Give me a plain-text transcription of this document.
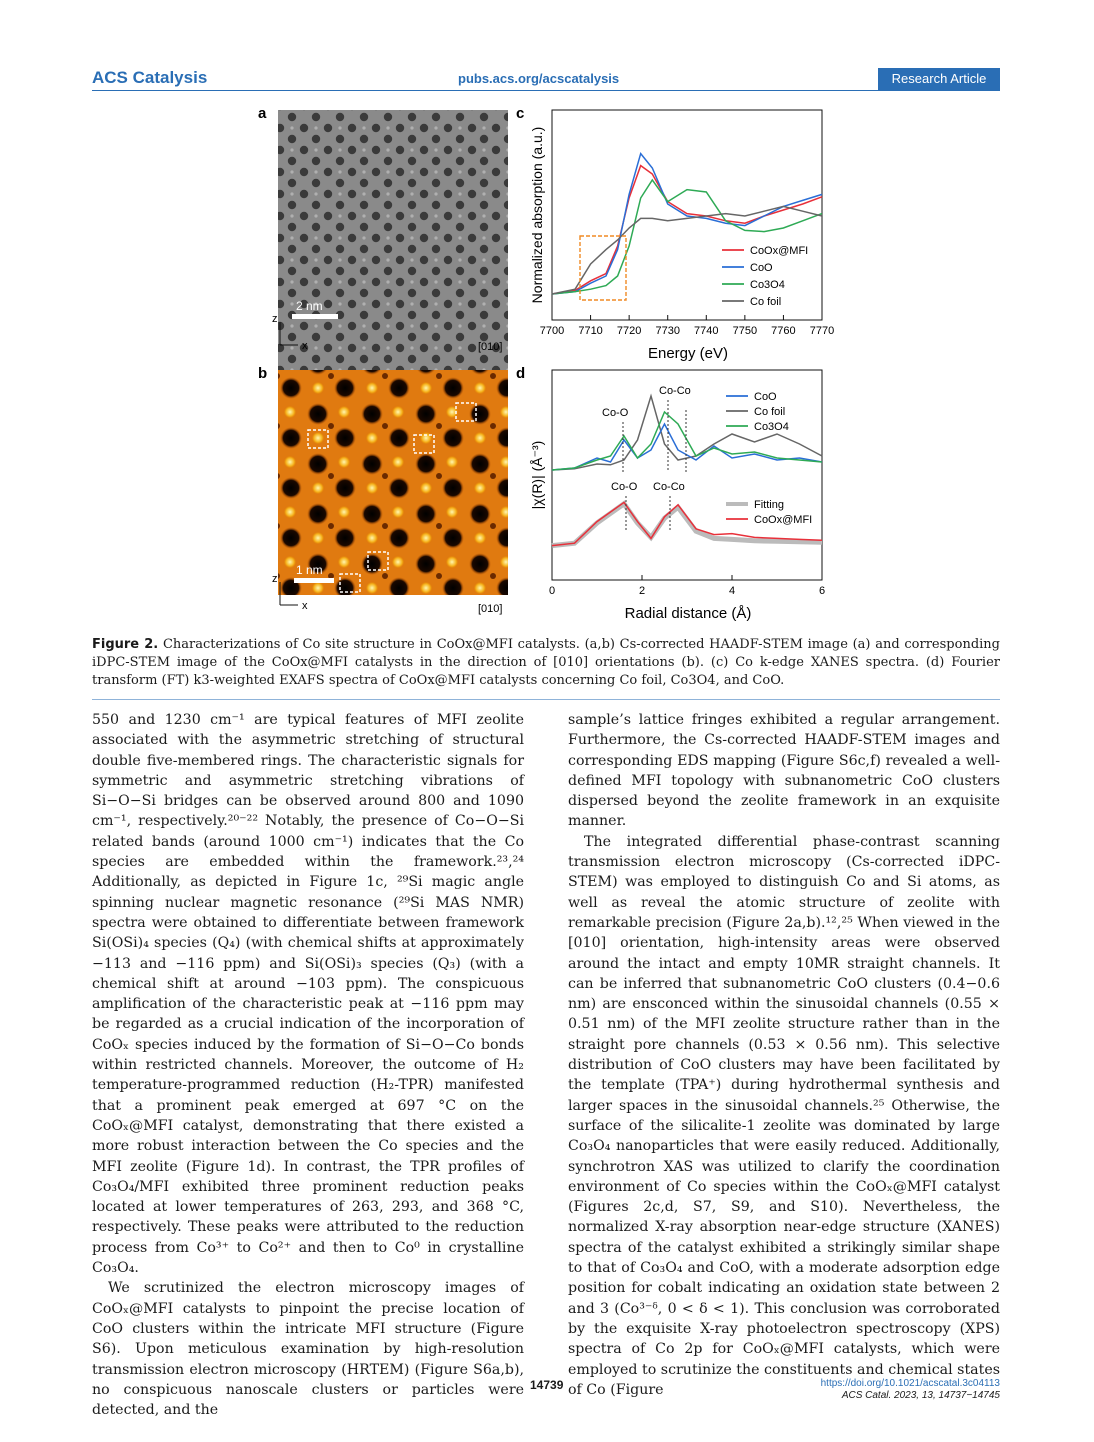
ACS Catalysis	pubs.acs.org/acscatalysis	Research Article
a	c
b	d
2 nm
z
x	[010]
1 nm
z
x	[010]
7700 7710 7720 7730 7740 7750 7760 7770
Energy (eV)
Normalized absorption (a.u.)	CoOx@MFI
CoO
Co3O4
Co foil
Co-O
Co-Co
Co-O Co-Co
0	2	4	6
Radial distance (Å)
|χ(R)| (Å⁻³)
CoO
Co foil
Co3O4
Fitting
CoOx@MFI
Figure 2. Characterizations of Co site structure in CoOx@MFI catalysts. (a,b) Cs-corrected HAADF-STEM image (a) and corresponding iDPC-STEM image of the CoOx@MFI catalysts in the direction of [010] orientations (b). (c) Co k-edge XANES spectra. (d) Fourier transform (FT) k3-weighted EXAFS spectra of CoOx@MFI catalysts concerning Co foil, Co3O4, and CoO.

550 and 1230 cm⁻¹ are typical features of MFI zeolite associated with the asymmetric stretching of structural double five-membered rings. The characteristic signals for symmetric and asymmetric stretching vibrations of Si−O−Si bridges can be observed around 800 and 1090 cm⁻¹, respectively.²⁰⁻²² Notably, the presence of Co−O−Si related bands (around 1000 cm⁻¹) indicates that the Co species are embedded within the framework.²³,²⁴ Additionally, as depicted in Figure 1c, ²⁹Si magic angle spinning nuclear magnetic resonance (²⁹Si MAS NMR) spectra were obtained to differentiate between framework Si(OSi)₄ species (Q₄) (with chemical shifts at approximately −113 and −116 ppm) and Si(OSi)₃ species (Q₃) (with a chemical shift at around −103 ppm). The conspicuous amplification of the characteristic peak at −116 ppm may be regarded as a crucial indication of the incorporation of CoOₓ species induced by the formation of Si−O−Co bonds within restricted channels. Moreover, the outcome of H₂ temperature-programmed reduction (H₂-TPR) manifested that a prominent peak emerged at 697 °C on the CoOₓ@MFI catalyst, demonstrating that there existed a more robust interaction between the Co species and the MFI zeolite (Figure 1d). In contrast, the TPR profiles of Co₃O₄/MFI exhibited three prominent reduction peaks located at lower temperatures of 263, 293, and 368 °C, respectively. These peaks were attributed to the reduction process from Co³⁺ to Co²⁺ and then to Co⁰ in crystalline Co₃O₄.

We scrutinized the electron microscopy images of CoOₓ@MFI catalysts to pinpoint the precise location of CoO clusters within the intricate MFI structure (Figure S6). Upon meticulous examination by high-resolution transmission electron microscopy (HRTEM) (Figure S6a,b), no conspicuous nanoscale clusters or particles were detected, and the

sample’s lattice fringes exhibited a regular arrangement. Furthermore, the Cs-corrected HAADF-STEM images and corresponding EDS mapping (Figure S6c,f) revealed a well-defined MFI topology with subnanometric CoO clusters dispersed beyond the zeolite framework in an exquisite manner.

The integrated differential phase-contrast scanning transmission electron microscopy (Cs-corrected iDPC-STEM) was employed to distinguish Co and Si atoms, as well as reveal the atomic structure of zeolite with remarkable precision (Figure 2a,b).¹²,²⁵ When viewed in the [010] orientation, high-intensity areas were observed around the intact and empty 10MR straight channels. It can be inferred that subnanometric CoO clusters (0.4−0.6 nm) are ensconced within the sinusoidal channels (0.55 × 0.51 nm) of the MFI zeolite structure rather than in the straight pore channels (0.53 × 0.56 nm). This selective distribution of CoO clusters may have been facilitated by the template (TPA⁺) during hydrothermal synthesis and larger spaces in the sinusoidal channels.²⁵ Otherwise, the surface of the silicalite-1 zeolite was dominated by large Co₃O₄ nanoparticles that were easily reduced. Additionally, synchrotron XAS was utilized to clarify the coordination environment of Co species within the CoOₓ@MFI catalyst (Figures 2c,d, S7, S9, and S10). Nevertheless, the normalized X-ray absorption near-edge structure (XANES) spectra of the catalyst exhibited a strikingly similar shape to that of Co₃O₄ and CoO, with a moderate adsorption edge position for cobalt indicating an oxidation state between 2 and 3 (Co³⁻ᵟ, 0 < δ < 1). This conclusion was corroborated by the exquisite X-ray photoelectron spectroscopy (XPS) spectra of Co 2p for CoOₓ@MFI catalysts, which were employed to scrutinize the constituents and chemical states of Co (Figure

14739	https://doi.org/10.1021/acscatal.3c04113
ACS Catal. 2023, 13, 14737−14745
